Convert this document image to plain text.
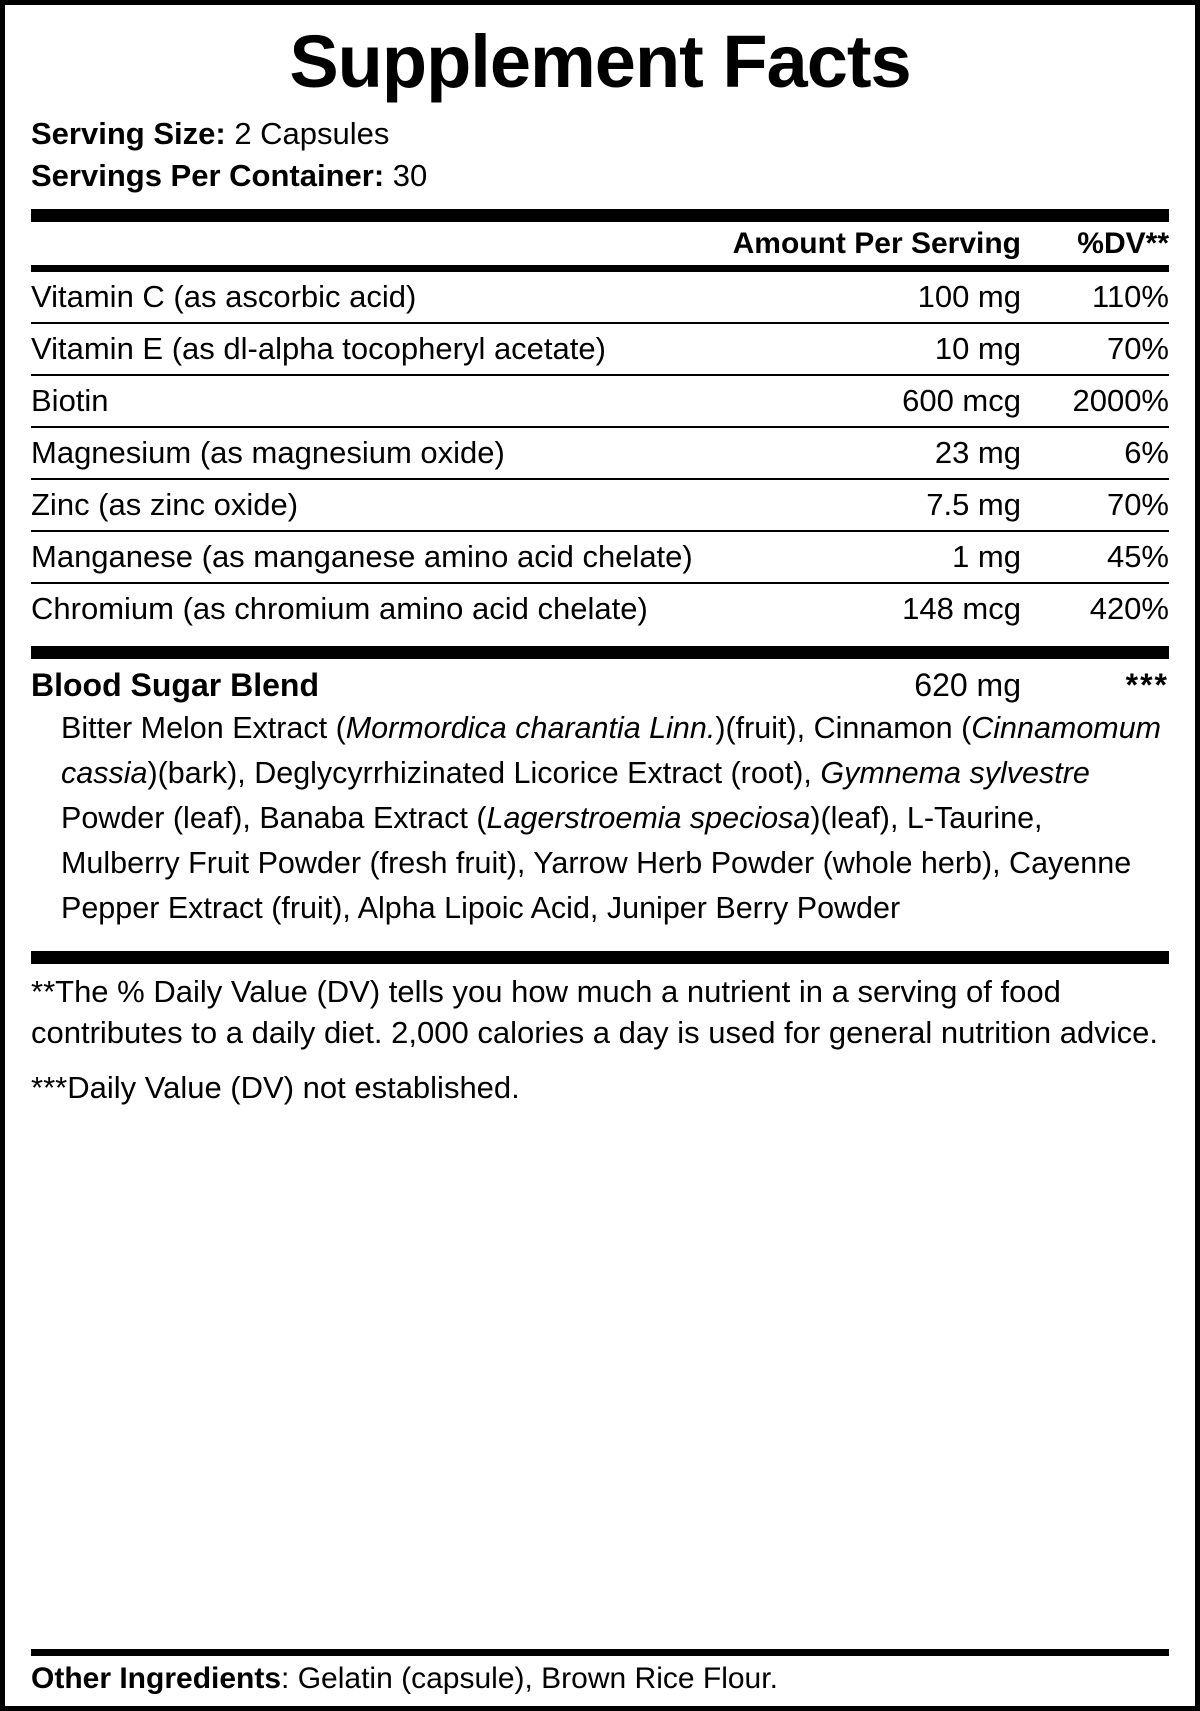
Supplement Facts
Serving Size: 2 Capsules
Servings Per Container: 30
Amount Per Serving	%DV**
Vitamin C (as ascorbic acid)	100 mg	110%
Vitamin E (as dl-alpha tocopheryl acetate)	10 mg	70%
Biotin	600 mcg	2000%
Magnesium (as magnesium oxide)	23 mg	6%
Zinc (as zinc oxide)	7.5 mg	70%
Manganese (as manganese amino acid chelate)	1 mg	45%
Chromium (as chromium amino acid chelate)	148 mcg	420%
Blood Sugar Blend	620 mg	***
Bitter Melon Extract (Mormordica charantia Linn.)(fruit), Cinnamon (Cinnamomum cassia)(bark), Deglycyrrhizinated Licorice Extract (root), Gymnema sylvestre Powder (leaf), Banaba Extract (Lagerstroemia speciosa)(leaf), L-Taurine, Mulberry Fruit Powder (fresh fruit), Yarrow Herb Powder (whole herb), Cayenne Pepper Extract (fruit), Alpha Lipoic Acid, Juniper Berry Powder
**The % Daily Value (DV) tells you how much a nutrient in a serving of food contributes to a daily diet. 2,000 calories a day is used for general nutrition advice.
***Daily Value (DV) not established.
Other Ingredients: Gelatin (capsule), Brown Rice Flour.
